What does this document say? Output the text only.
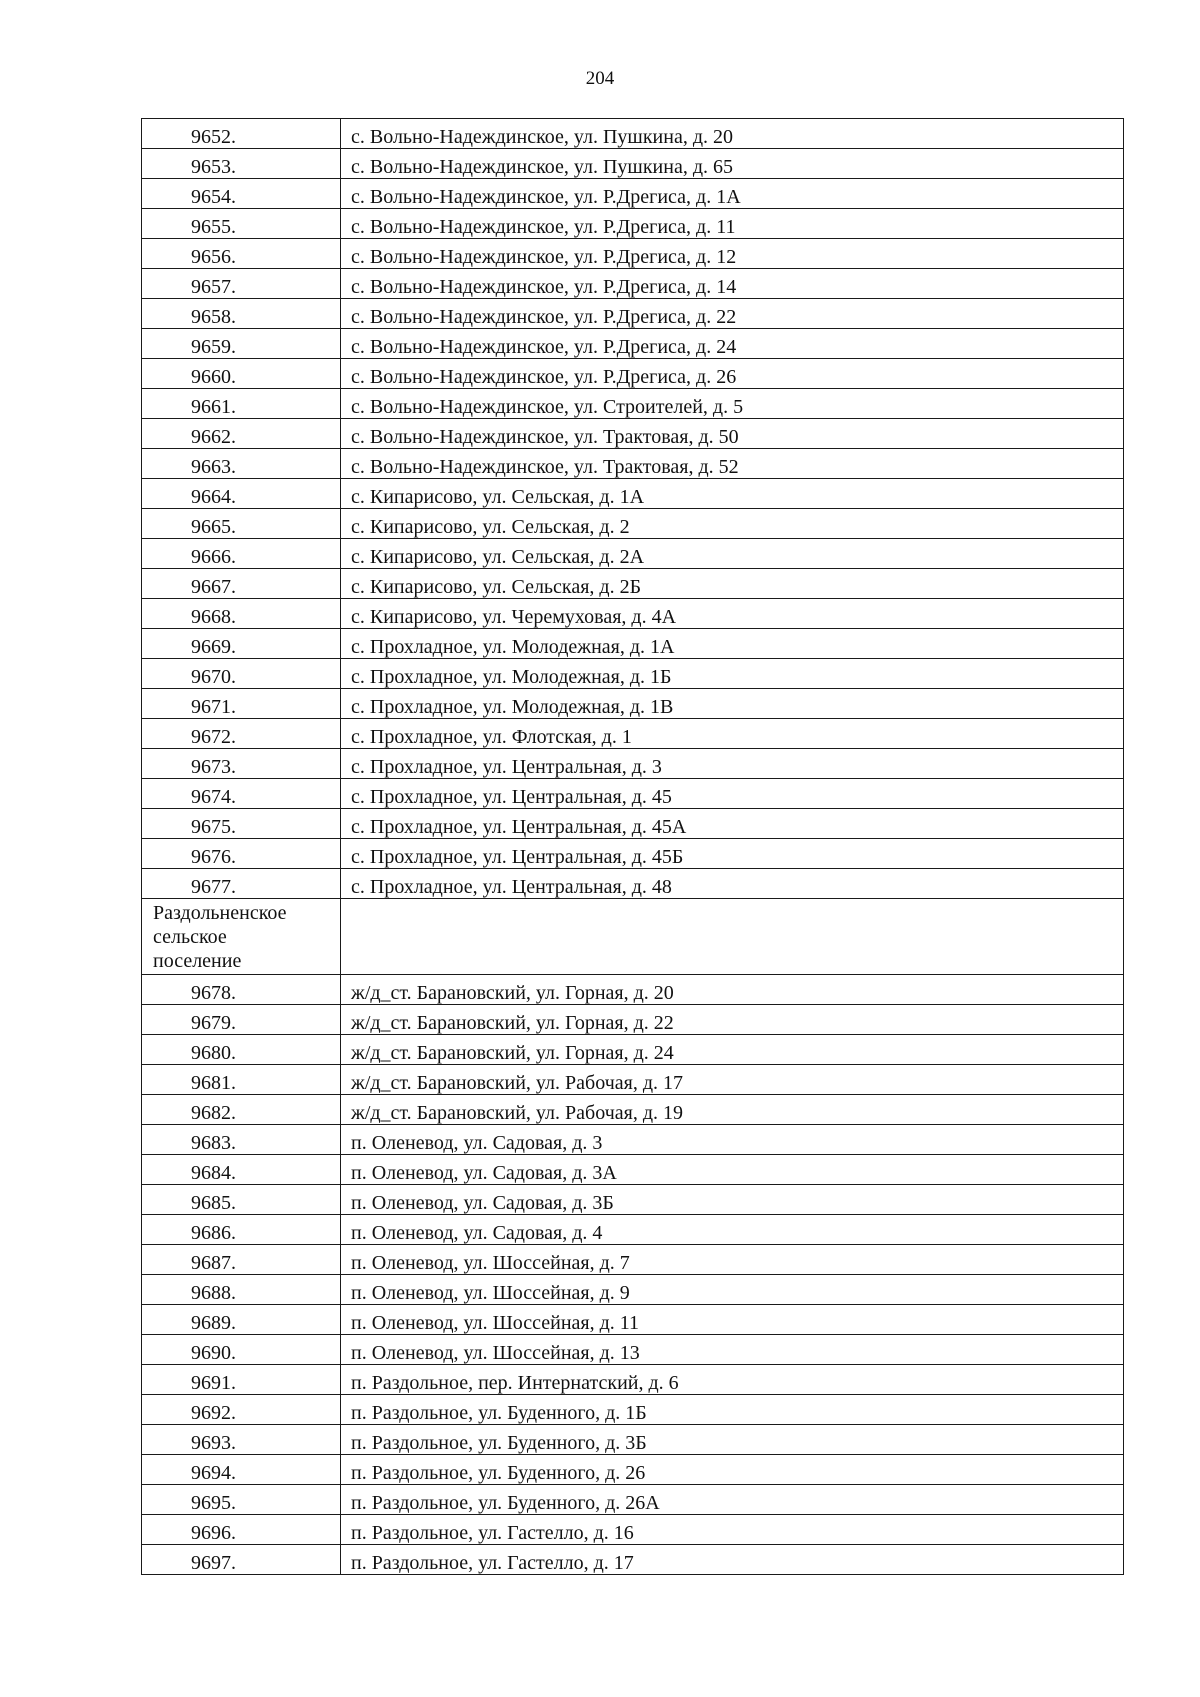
204
9652.	с. Вольно-Надеждинское, ул. Пушкина, д. 20
9653.	с. Вольно-Надеждинское, ул. Пушкина, д. 65
9654.	с. Вольно-Надеждинское, ул. Р.Дрегиса, д. 1А
9655.	с. Вольно-Надеждинское, ул. Р.Дрегиса, д. 11
9656.	с. Вольно-Надеждинское, ул. Р.Дрегиса, д. 12
9657.	с. Вольно-Надеждинское, ул. Р.Дрегиса, д. 14
9658.	с. Вольно-Надеждинское, ул. Р.Дрегиса, д. 22
9659.	с. Вольно-Надеждинское, ул. Р.Дрегиса, д. 24
9660.	с. Вольно-Надеждинское, ул. Р.Дрегиса, д. 26
9661.	с. Вольно-Надеждинское, ул. Строителей, д. 5
9662.	с. Вольно-Надеждинское, ул. Трактовая, д. 50
9663.	с. Вольно-Надеждинское, ул. Трактовая, д. 52
9664.	с. Кипарисово, ул. Сельская, д. 1А
9665.	с. Кипарисово, ул. Сельская, д. 2
9666.	с. Кипарисово, ул. Сельская, д. 2А
9667.	с. Кипарисово, ул. Сельская, д. 2Б
9668.	с. Кипарисово, ул. Черемуховая, д. 4А
9669.	с. Прохладное, ул. Молодежная, д. 1А
9670.	с. Прохладное, ул. Молодежная, д. 1Б
9671.	с. Прохладное, ул. Молодежная, д. 1В
9672.	с. Прохладное, ул. Флотская, д. 1
9673.	с. Прохладное, ул. Центральная, д. 3
9674.	с. Прохладное, ул. Центральная, д. 45
9675.	с. Прохладное, ул. Центральная, д. 45А
9676.	с. Прохладное, ул. Центральная, д. 45Б
9677.	с. Прохладное, ул. Центральная, д. 48

Раздольненское
сельское
поселение	

9678.	ж/д_ст. Барановский, ул. Горная, д. 20
9679.	ж/д_ст. Барановский, ул. Горная, д. 22
9680.	ж/д_ст. Барановский, ул. Горная, д. 24
9681.	ж/д_ст. Барановский, ул. Рабочая, д. 17
9682.	ж/д_ст. Барановский, ул. Рабочая, д. 19
9683.	п. Оленевод, ул. Садовая, д. 3
9684.	п. Оленевод, ул. Садовая, д. 3А
9685.	п. Оленевод, ул. Садовая, д. 3Б
9686.	п. Оленевод, ул. Садовая, д. 4
9687.	п. Оленевод, ул. Шоссейная, д. 7
9688.	п. Оленевод, ул. Шоссейная, д. 9
9689.	п. Оленевод, ул. Шоссейная, д. 11
9690.	п. Оленевод, ул. Шоссейная, д. 13
9691.	п. Раздольное, пер. Интернатский, д. 6
9692.	п. Раздольное, ул. Буденного, д. 1Б
9693.	п. Раздольное, ул. Буденного, д. 3Б
9694.	п. Раздольное, ул. Буденного, д. 26
9695.	п. Раздольное, ул. Буденного, д. 26А
9696.	п. Раздольное, ул. Гастелло, д. 16
9697.	п. Раздольное, ул. Гастелло, д. 17
